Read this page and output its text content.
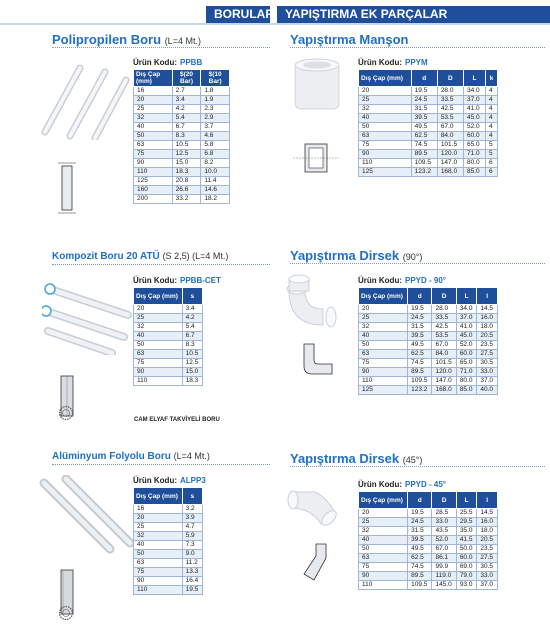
BORULAR YAPIŞTIRMA EK PARÇALAR
Polipropilen Boru (L=4 Mt.)
Ürün Kodu: PPBB
Dış Çap (mm)	$(20 Bar)	$(10 Bar)
16	2.7	1.8
20	3.4	1.9
25	4.2	2.3
32	5.4	2.9
40	6.7	3.7
50	8.3	4.6
63	10.5	5.8
75	12.5	6.8
90	15.0	8.2
110	18.3	10.0
125	20.8	11.4
160	26.6	14.6
200	33.2	18.2
Kompozit Boru 20 ATÜ (S 2,5) (L=4 Mt.)
Ürün Kodu: PPBB-CET
Dış Çap (mm)	s
20	3.4
25	4.2
32	5.4
40	6.7
50	8.3
63	10.5
75	12.5
90	15.0
110	18.3
CAM ELYAF TAKVİYELİ BORU
Alüminyum Folyolu Boru (L=4 Mt.)
Ürün Kodu: ALPP3
Dış Çap (mm)	s
16	3.2
20	3.9
25	4.7
32	5.9
40	7.3
50	9.0
63	11.2
75	13.3
90	16.4
110	19.5
Yapıştırma Manşon
Ürün Kodu: PPYM
Dış Çap (mm)	d	D	L	k
20	19.5	28.0	34.0	4
25	24.5	33.5	37.0	4
32	31.5	42.5	41.0	4
40	39.5	53.5	45.0	4
50	49.5	67.0	52.0	4
63	62.5	84.0	60.0	4
75	74.5	101.5	65.0	5
90	89.5	120.0	71.0	5
110	109.5	147.0	80.0	6
125	123.2	168.0	85.0	6
Yapıştırma Dirsek (90°)
Ürün Kodu: PPYD - 90°
Dış Çap (mm)	d	D	L	l
20	19.5	28.0	34.0	14.5
25	24.5	33.5	37.0	16.0
32	31.5	42.5	41.0	18.0
40	39.5	53.5	45.0	20.5
50	49.5	67.0	52.0	23.5
63	62.5	84.0	60.0	27.5
75	74.5	101.5	65.0	30.5
90	89.5	120.0	71.0	33.0
110	109.5	147.0	80.0	37.0
125	123.2	168.0	85.0	40.0
Yapıştırma Dirsek (45°)
Ürün Kodu: PPYD - 45°
Dış Çap (mm)	d	D	L	l
20	19.5	28.5	25.5	14.5
25	24.5	33.0	29.5	16.0
32	31.5	43.5	35.0	18.0
40	39.5	52.0	41.5	20.5
50	49.5	67.0	50.0	23.5
63	62.5	86.1	60.0	27.5
75	74.5	99.9	69.0	30.5
90	89.5	119.0	79.0	33.0
110	109.5	145.0	93.0	37.0
